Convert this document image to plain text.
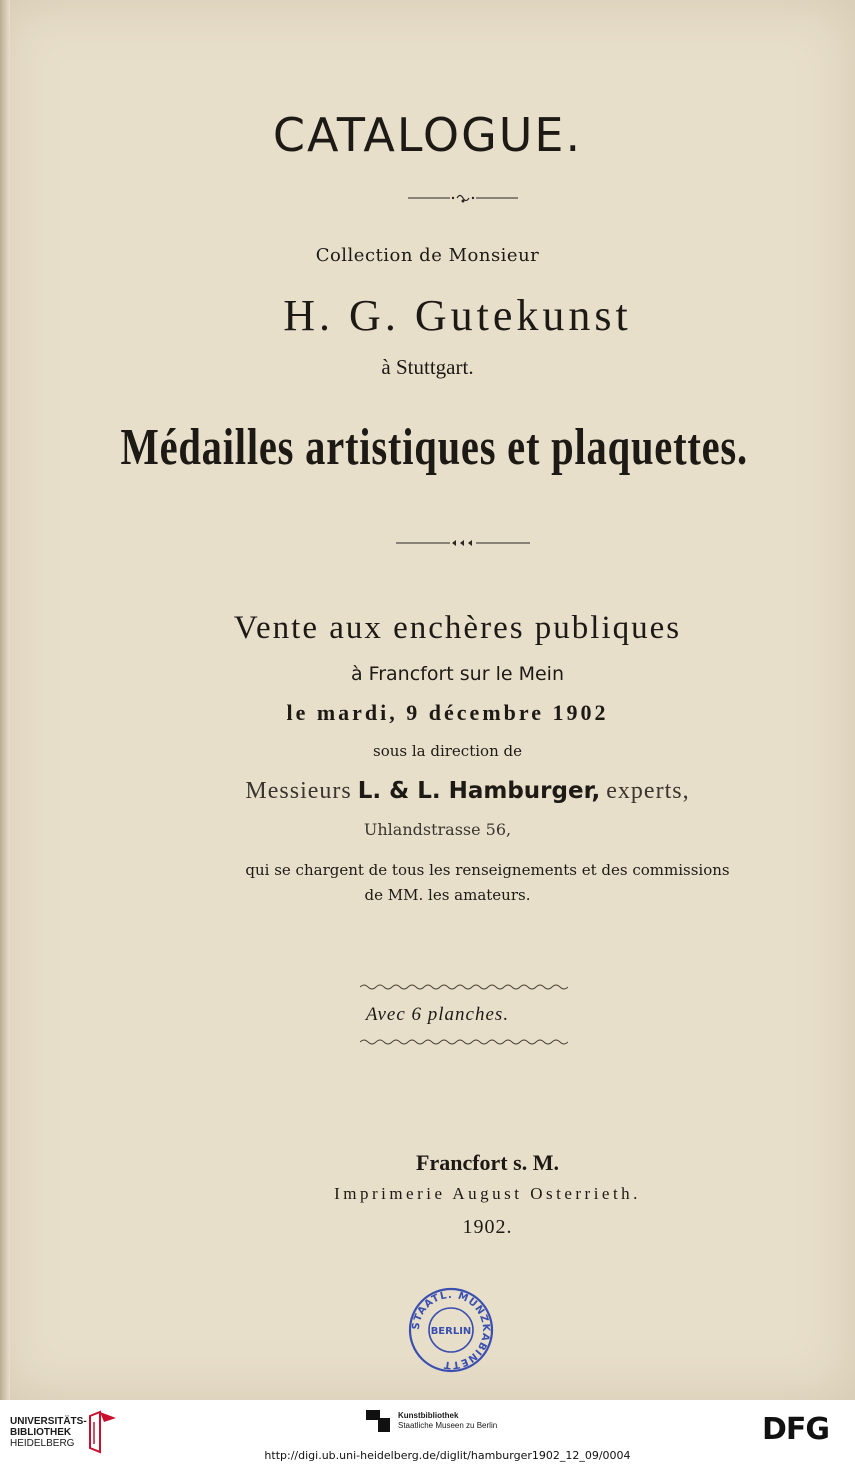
CATALOGUE.
Collection de Monsieur
H. G. Gutekunst
à Stuttgart.
Médailles artistiques et plaquettes.
Vente aux enchères publiques
à Francfort sur le Mein
le mardi, 9 décembre 1902
sous la direction de
Messieurs L. & L. Hamburger, experts,
Uhlandstrasse 56,
qui se chargent de tous les renseignements et des commissions
de MM. les amateurs.
Avec 6 planches.
Francfort s. M.
Imprimerie August Osterrieth.
1902.
STAATL. MÜNZKABINETT
BERLIN
UNIVERSITÄTS-
BIBLIOTHEK
HEIDELBERG
Kunstbibliothek
Staatliche Museen zu Berlin	DFG
http://digi.ub.uni-heidelberg.de/diglit/hamburger1902_12_09/0004
